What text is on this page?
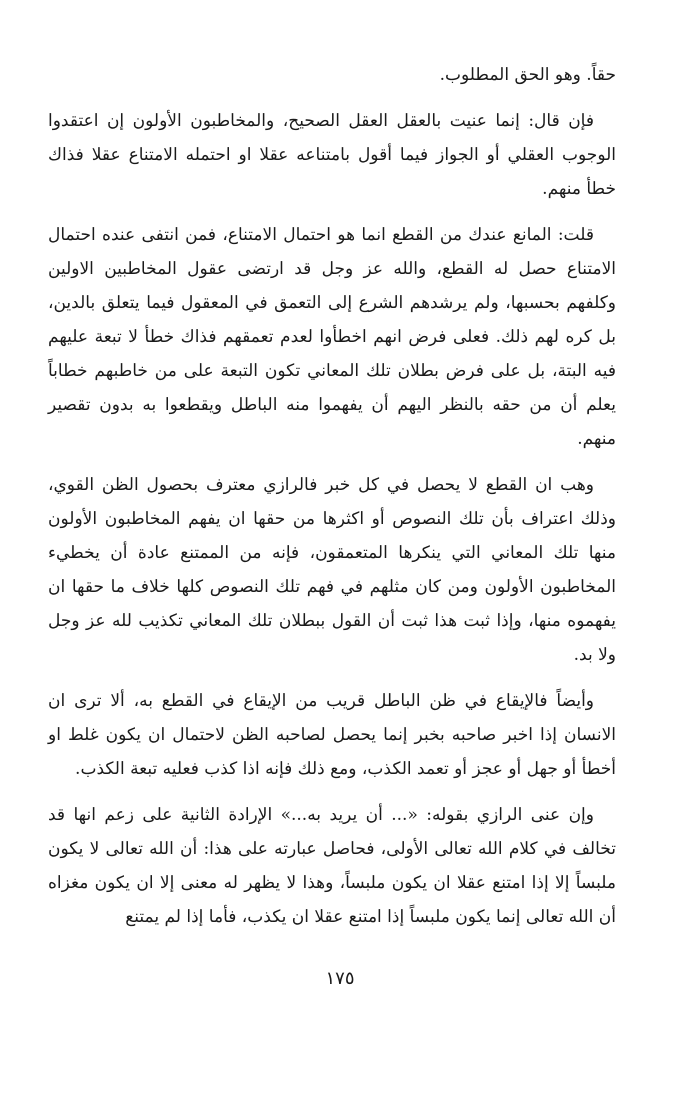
حقاً. وهو الحق المطلوب.

فإن قال: إنما عنيت بالعقل العقل الصحيح، والمخاطبون الأولون إن اعتقدوا الوجوب العقلي أو الجواز فيما أقول بامتناعه عقلا او احتمله الامتناع عقلا فذاك خطأ منهم.

قلت: المانع عندك من القطع انما هو احتمال الامتناع، فمن انتفى عنده احتمال الامتناع حصل له القطع، والله عز وجل قد ارتضى عقول المخاطبين الاولين وكلفهم بحسبها، ولم يرشدهم الشرع إلى التعمق في المعقول فيما يتعلق بالدين، بل كره لهم ذلك. فعلى فرض انهم اخطأوا لعدم تعمقهم فذاك خطأ لا تبعة عليهم فيه البتة، بل على فرض بطلان تلك المعاني تكون التبعة على من خاطبهم خطاباً يعلم أن من حقه بالنظر اليهم أن يفهموا منه الباطل ويقطعوا به بدون تقصير منهم.

وهب ان القطع لا يحصل في كل خبر فالرازي معترف بحصول الظن القوي، وذلك اعتراف بأن تلك النصوص أو اكثرها من حقها ان يفهم المخاطبون الأولون منها تلك المعاني التي ينكرها المتعمقون، فإنه من الممتنع عادة أن يخطيء المخاطبون الأولون ومن كان مثلهم في فهم تلك النصوص كلها خلاف ما حقها ان يفهموه منها، وإذا ثبت هذا ثبت أن القول ببطلان تلك المعاني تكذيب لله عز وجل ولا بد.

وأيضاً فالإيقاع في ظن الباطل قريب من الإيقاع في القطع به، ألا ترى ان الانسان إذا اخبر صاحبه بخبر إنما يحصل لصاحبه الظن لاحتمال ان يكون غلط او أخطأ أو جهل أو عجز أو تعمد الكذب، ومع ذلك فإنه اذا كذب فعليه تبعة الكذب.

وإن عنى الرازي بقوله: «... أن يريد به...» الإرادة الثانية على زعم انها قد تخالف في كلام الله تعالى الأولى، فحاصل عبارته على هذا: أن الله تعالى لا يكون ملبساً إلا إذا امتنع عقلا ان يكون ملبساً، وهذا لا يظهر له معنى إلا ان يكون مغزاه أن الله تعالى إنما يكون ملبساً إذا امتنع عقلا ان يكذب، فأما إذا لم يمتنع

١٧٥
